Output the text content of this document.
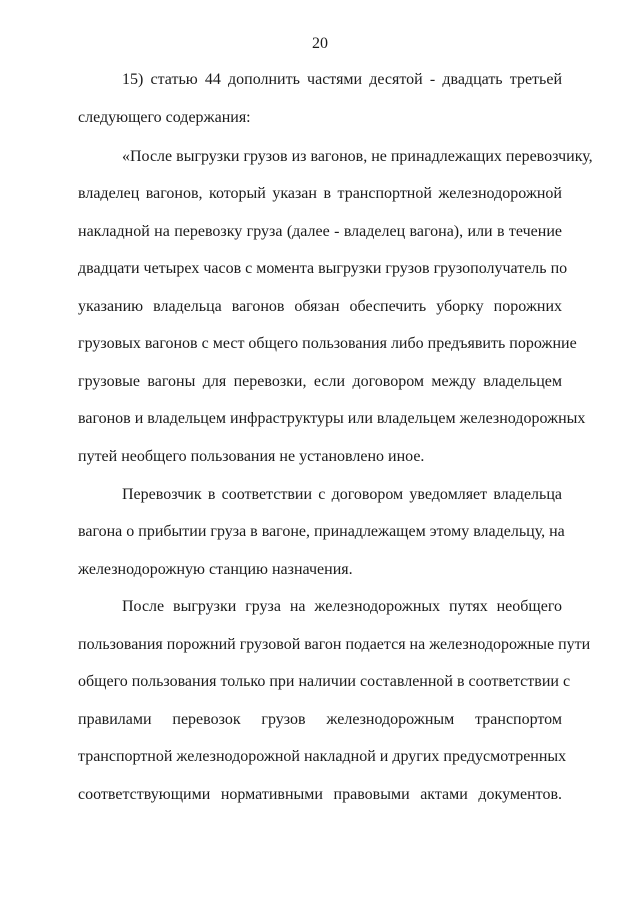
20
15) статью 44 дополнить частями десятой - двадцать третьей
следующего содержания:
«После выгрузки грузов из вагонов, не принадлежащих перевозчику,
владелец вагонов, который указан в транспортной железнодорожной
накладной на перевозку груза (далее - владелец вагона), или в течение
двадцати четырех часов с момента выгрузки грузов грузополучатель по
указанию владельца вагонов обязан обеспечить уборку порожних
грузовых вагонов с мест общего пользования либо предъявить порожние
грузовые вагоны для перевозки, если договором между владельцем
вагонов и владельцем инфраструктуры или владельцем железнодорожных
путей необщего пользования не установлено иное.
Перевозчик в соответствии с договором уведомляет владельца
вагона о прибытии груза в вагоне, принадлежащем этому владельцу, на
железнодорожную станцию назначения.
После выгрузки груза на железнодорожных путях необщего
пользования порожний грузовой вагон подается на железнодорожные пути
общего пользования только при наличии составленной в соответствии с
правилами перевозок грузов железнодорожным транспортом
транспортной железнодорожной накладной и других предусмотренных
соответствующими нормативными правовыми актами документов.
